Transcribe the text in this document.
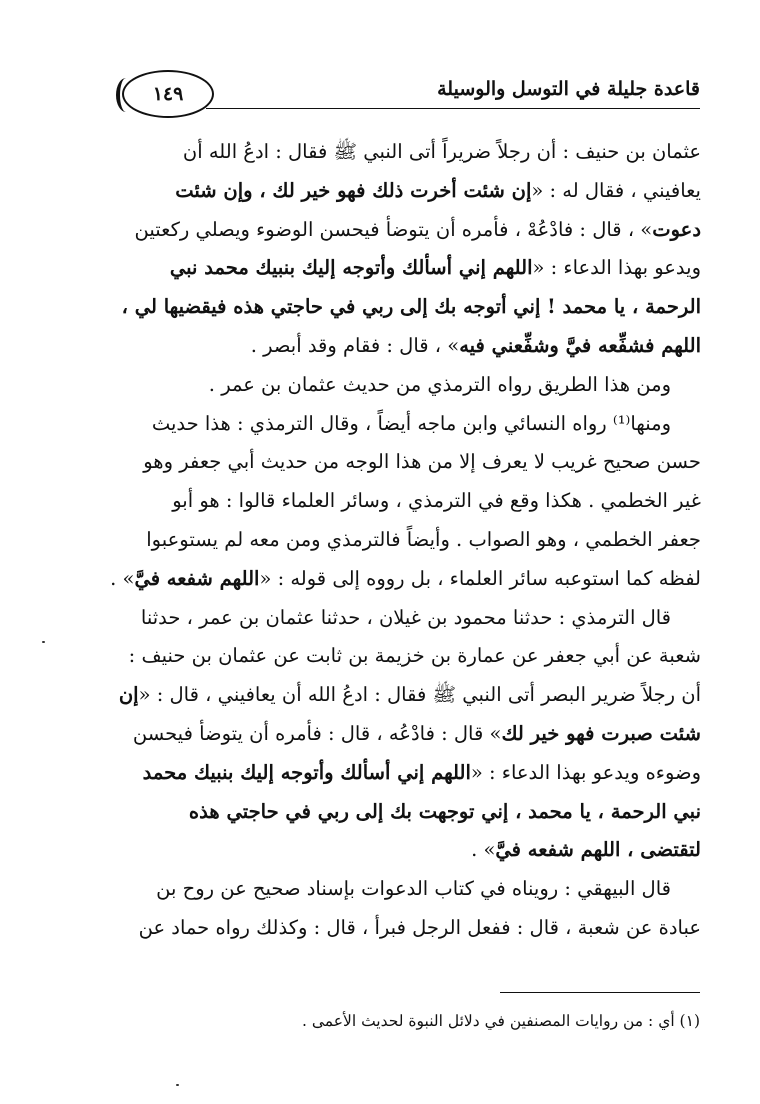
١٤٩	قاعدة جليلة في التوسل والوسيلة
عثمان بن حنيف : أن رجلاً ضريراً أتى النبي ﷺ فقال : ادعُ الله أن
يعافيني ، فقال له : «إن شئت أخرت ذلك فهو خير لك ، وإن شئت
دعوت» ، قال : فادْعُهْ ، فأمره أن يتوضأ فيحسن الوضوء ويصلي ركعتين
ويدعو بهذا الدعاء : «اللهم إني أسألك وأتوجه إليك بنبيك محمد نبي
الرحمة ، يا محمد ! إني أتوجه بك إلى ربي في حاجتي هذه فيقضيها لي ،
اللهم فشفِّعه فيَّ وشفِّعني فيه» ، قال : فقام وقد أبصر .
ومن هذا الطريق رواه الترمذي من حديث عثمان بن عمر .
ومنها⁽¹⁾ رواه النسائي وابن ماجه أيضاً ، وقال الترمذي : هذا حديث
حسن صحيح غريب لا يعرف إلا من هذا الوجه من حديث أبي جعفر وهو
غير الخطمي . هكذا وقع في الترمذي ، وسائر العلماء قالوا : هو أبو
جعفر الخطمي ، وهو الصواب . وأيضاً فالترمذي ومن معه لم يستوعبوا
لفظه كما استوعبه سائر العلماء ، بل رووه إلى قوله : «اللهم شفعه فيَّ» .
قال الترمذي : حدثنا محمود بن غيلان ، حدثنا عثمان بن عمر ، حدثنا
شعبة عن أبي جعفر عن عمارة بن خزيمة بن ثابت عن عثمان بن حنيف :
أن رجلاً ضرير البصر أتى النبي ﷺ فقال : ادعُ الله أن يعافيني ، قال : «إن
شئت صبرت فهو خير لك» قال : فادْعُه ، قال : فأمره أن يتوضأ فيحسن
وضوءه ويدعو بهذا الدعاء : «اللهم إني أسألك وأتوجه إليك بنبيك محمد
نبي الرحمة ، يا محمد ، إني توجهت بك إلى ربي في حاجتي هذه
لتقتضى ، اللهم شفعه فيَّ» .
قال البيهقي : رويناه في كتاب الدعوات بإسناد صحيح عن روح بن
عبادة عن شعبة ، قال : ففعل الرجل فبرأ ، قال : وكذلك رواه حماد عن
(١) أي : من روايات المصنفين في دلائل النبوة لحديث الأعمى .
